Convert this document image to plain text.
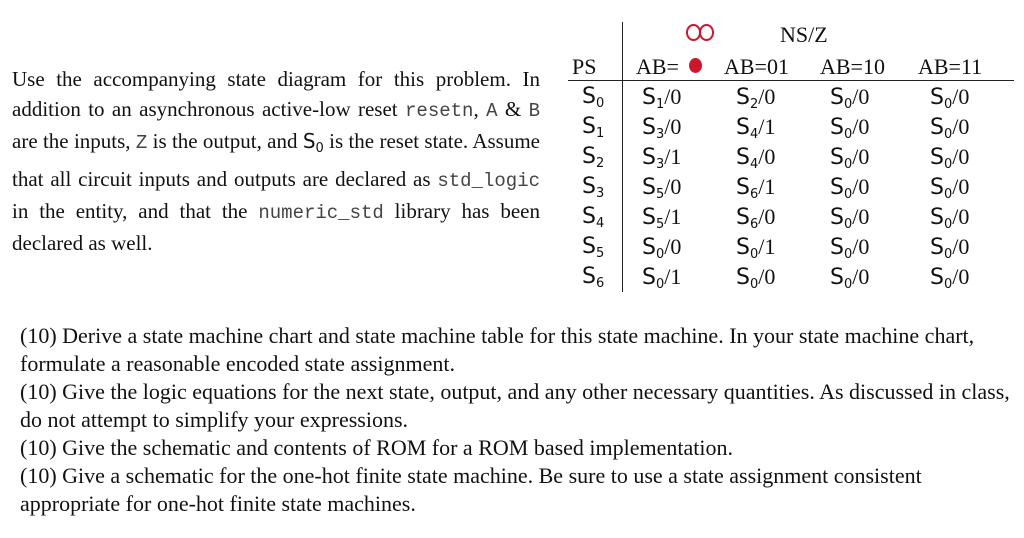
Use the accompanying state diagram for this problem. In addition to an asynchronous active-low reset resetn, A & B are the inputs, Z is the output, and $S_0$ is the reset state. Assume that all circuit inputs and outputs are declared as std_logic in the entity, and that the numeric_std library has been declared as well.
NS/Z
PS AB= AB=01 AB=10 AB=11
S0 S1/0 S2/0 S0/0	S0/0
S1 S3/0 S4/1 S0/0	S0/0
S2 S3/1 S4/0 S0/0	S0/0
S3 S5/0 S6/1 S0/0	S0/0
S4 S5/1 S6/0 S0/0	S0/0
S5 S0/0 S0/1 S0/0	S0/0
S6 S0/1 S0/0 S0/0	S0/0

(10) Derive a state machine chart and state machine table for this state machine. In your state machine chart, formulate a reasonable encoded state assignment.

(10) Give the logic equations for the next state, output, and any other necessary quantities. As discussed in class, do not attempt to simplify your expressions.

(10) Give the schematic and contents of ROM for a ROM based implementation.

(10) Give a schematic for the one-hot finite state machine. Be sure to use a state assignment consistent appropriate for one-hot finite state machines.
